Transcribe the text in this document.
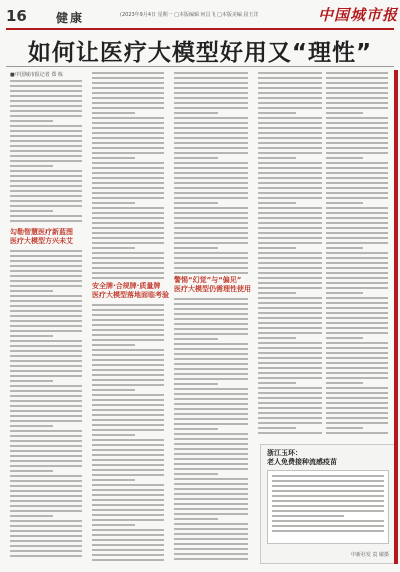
16 健康	(2023年9月4日 星期一 □本版编辑 何昌飞 □本版美编 屈玉洋	中国城市报
如何让医疗大模型好用又“理性”
■中国城市报记者 郑 栋
勾勒智慧医疗新蓝图
医疗大模型方兴未艾
安全牌·合规牌·质量牌
医疗大模型落地面临考验
警惕“幻觉”与“偏见”
医疗大模型仍需理性使用
浙江玉环：
老人免费接种流感疫苗
中新社发 袁 敏摄
